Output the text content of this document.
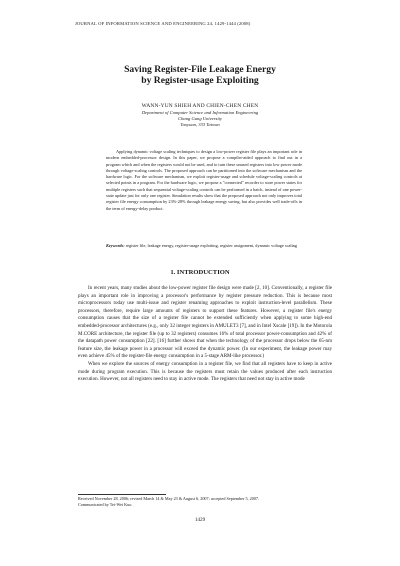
JOURNAL OF INFORMATION SCIENCE AND ENGINEERING 24, 1429-1444 (2008)
Saving Register-File Leakage Energy
by Register-usage Exploiting
WANN-YUN SHIEH AND CHIEN-CHEN CHEN
Department of Computer Science and Information Engineering
Chang Gung University
Taoyuan, 333 Taiwan

Applying dynamic voltage scaling techniques to design a low-power register file plays an important role in modern embedded-processor design. In this paper, we propose a compiler-aided approach to find out in a program which and when the registers would not be used, and to turn these unused registers into low power mode through voltage-scaling controls. The proposed approach can be partitioned into the software mechanism and the hardware logic. For the software mechanism, we exploit register-usage and schedule voltage-scaling controls at selected points in a program. For the hardware logic, we propose a "connected" recorder to store power states for multiple registers such that sequential voltage-scaling controls can be performed in a batch, instead of one power-state update just for only one register. Simulation results show that the proposed approach not only improves total register file energy consumption by 23%-28% through leakage energy saving, but also provides well trade-offs in the term of energy-delay product.

Keywords: register file, leakage energy, register-usage exploiting, register assignment, dynamic voltage scaling
1. INTRODUCTION

In recent years, many studies about the low-power register file design were made [2, 10]. Conventionally, a register file plays an important role in improving a processor's performance by register pressure reduction. This is because most microprocessors today use multi-issue and register renaming approaches to exploit instruction-level parallelism. These processors, therefore, require large amounts of registers to support these features. However, a register file's energy consumption causes that the size of a register file cannot be extended sufficiently when applying to some high-end embedded-processor architectures (e.g., only 32 integer registers in AMULET3 [7], and in Intel Xscale [19]). In the Motorola M.CORE architecture, the register file (up to 32 registers) consumes 16% of total processor power-consumption and 42% of the datapath power consumption [22]. [16] further shows that when the technology of the processor drops below the 65-nm feature size, the leakage power in a processor will exceed the dynamic power. (In our experiment, the leakage power may even achieve 45% of the register-file energy consumption in a 5-stage ARM-like processor.)

When we explore the sources of energy consumption in a register file, we find that all registers have to keep in active mode during program execution. This is because the registers must retain the values produced after each instruction execution. However, not all registers need to stay in active mode. The registers that need not stay in active mode

Received November 28, 2006; revised March 14 & May 23 & August 6, 2007; accepted September 5, 2007.
Communicated by Tei-Wei Kuo.
1429
